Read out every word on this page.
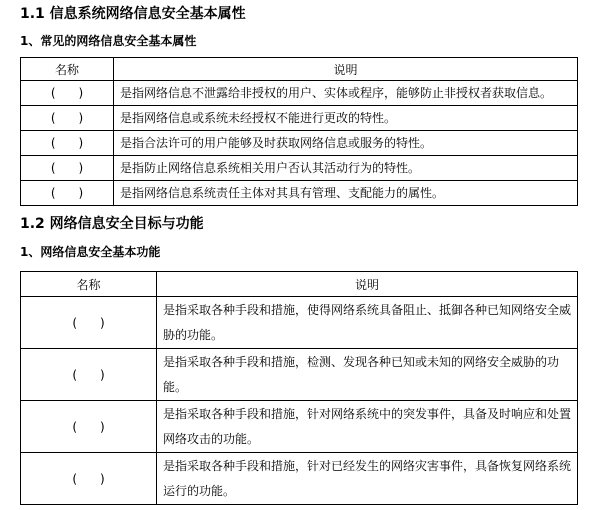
1.1 信息系统网络信息安全基本属性
1、常见的网络信息安全基本属性
名称	说明
(      )	是指网络信息不泄露给非授权的用户、实体或程序，能够防止非授权者获取信息。
(      )	是指网络信息或系统未经授权不能进行更改的特性。
(      )	是指合法许可的用户能够及时获取网络信息或服务的特性。
(      )	是指防止网络信息系统相关用户否认其活动行为的特性。
(      )	是指网络信息系统责任主体对其具有管理、支配能力的属性。
1.2 网络信息安全目标与功能
1、网络信息安全基本功能
名称	说明
(      )	是指采取各种手段和措施，使得网络系统具备阻止、抵御各种已知网络安全威胁的功能。
(      )	是指采取各种手段和措施，检测、发现各种已知或未知的网络安全威胁的功能。
(      )	是指采取各种手段和措施，针对网络系统中的突发事件，具备及时响应和处置网络攻击的功能。
(      )	是指采取各种手段和措施，针对已经发生的网络灾害事件，具备恢复网络系统运行的功能。
